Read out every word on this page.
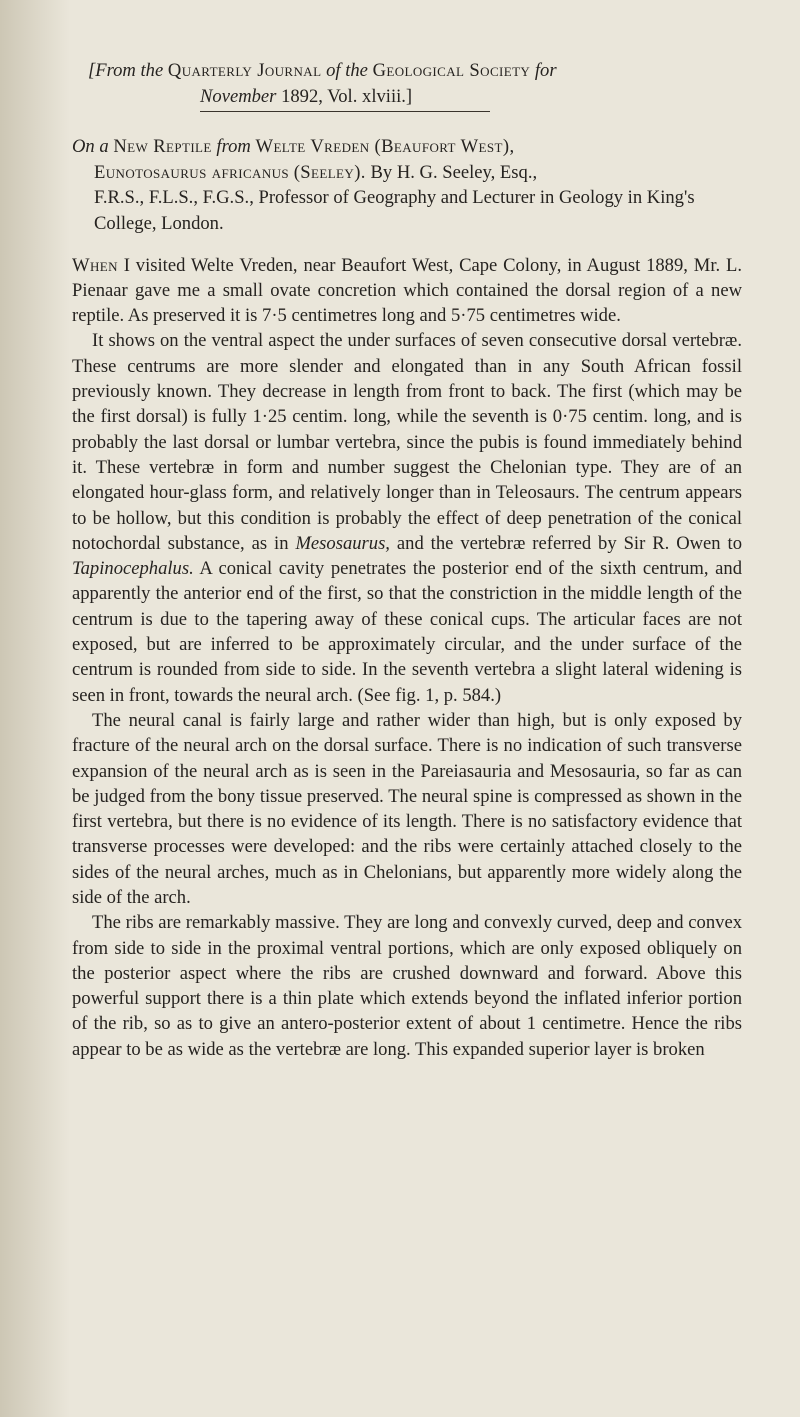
[From the Quarterly Journal of the Geological Society for
November 1892, Vol. xlviii.]
On a New Reptile from Welte Vreden (Beaufort West),
Eunotosaurus africanus (Seeley). By H. G. Seeley, Esq.,
F.R.S., F.L.S., F.G.S., Professor of Geography and Lecturer in Geology in King's College, London.

When I visited Welte Vreden, near Beaufort West, Cape Colony, in August 1889, Mr. L. Pienaar gave me a small ovate concretion which contained the dorsal region of a new reptile. As preserved it is 7·5 centimetres long and 5·75 centimetres wide.

It shows on the ventral aspect the under surfaces of seven consecutive dorsal vertebræ. These centrums are more slender and elongated than in any South African fossil previously known. They decrease in length from front to back. The first (which may be the first dorsal) is fully 1·25 centim. long, while the seventh is 0·75 centim. long, and is probably the last dorsal or lumbar vertebra, since the pubis is found immediately behind it. These vertebræ in form and number suggest the Chelonian type. They are of an elongated hour-glass form, and relatively longer than in Teleosaurs. The centrum appears to be hollow, but this condition is probably the effect of deep penetration of the conical notochordal substance, as in Mesosaurus, and the vertebræ referred by Sir R. Owen to Tapinocephalus. A conical cavity penetrates the posterior end of the sixth centrum, and apparently the anterior end of the first, so that the constriction in the middle length of the centrum is due to the tapering away of these conical cups. The articular faces are not exposed, but are inferred to be approximately circular, and the under surface of the centrum is rounded from side to side. In the seventh vertebra a slight lateral widening is seen in front, towards the neural arch. (See fig. 1, p. 584.)

The neural canal is fairly large and rather wider than high, but is only exposed by fracture of the neural arch on the dorsal surface. There is no indication of such transverse expansion of the neural arch as is seen in the Pareiasauria and Mesosauria, so far as can be judged from the bony tissue preserved. The neural spine is compressed as shown in the first vertebra, but there is no evidence of its length. There is no satisfactory evidence that transverse processes were developed: and the ribs were certainly attached closely to the sides of the neural arches, much as in Chelonians, but apparently more widely along the side of the arch.

The ribs are remarkably massive. They are long and convexly curved, deep and convex from side to side in the proximal ventral portions, which are only exposed obliquely on the posterior aspect where the ribs are crushed downward and forward. Above this powerful support there is a thin plate which extends beyond the inflated inferior portion of the rib, so as to give an antero-posterior extent of about 1 centimetre. Hence the ribs appear to be as wide as the vertebræ are long. This expanded superior layer is broken
